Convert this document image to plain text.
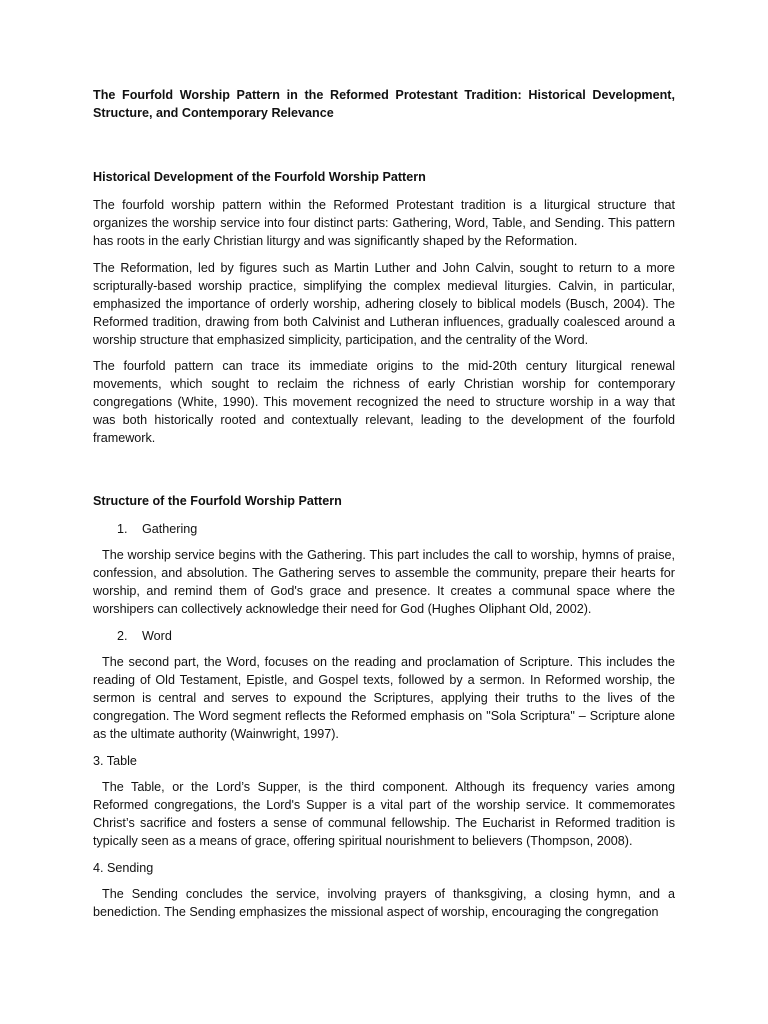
The Fourfold Worship Pattern in the Reformed Protestant Tradition: Historical Development, Structure, and Contemporary Relevance

Historical Development of the Fourfold Worship Pattern

The fourfold worship pattern within the Reformed Protestant tradition is a liturgical structure that organizes the worship service into four distinct parts: Gathering, Word, Table, and Sending. This pattern has roots in the early Christian liturgy and was significantly shaped by the Reformation.

The Reformation, led by figures such as Martin Luther and John Calvin, sought to return to a more scripturally-based worship practice, simplifying the complex medieval liturgies. Calvin, in particular, emphasized the importance of orderly worship, adhering closely to biblical models (Busch, 2004). The Reformed tradition, drawing from both Calvinist and Lutheran influences, gradually coalesced around a worship structure that emphasized simplicity, participation, and the centrality of the Word.

The fourfold pattern can trace its immediate origins to the mid-20th century liturgical renewal movements, which sought to reclaim the richness of early Christian worship for contemporary congregations (White, 1990). This movement recognized the need to structure worship in a way that was both historically rooted and contextually relevant, leading to the development of the fourfold framework.

Structure of the Fourfold Worship Pattern

1. Gathering

The worship service begins with the Gathering. This part includes the call to worship, hymns of praise, confession, and absolution. The Gathering serves to assemble the community, prepare their hearts for worship, and remind them of God's grace and presence. It creates a communal space where the worshipers can collectively acknowledge their need for God (Hughes Oliphant Old, 2002).

2. Word

The second part, the Word, focuses on the reading and proclamation of Scripture. This includes the reading of Old Testament, Epistle, and Gospel texts, followed by a sermon. In Reformed worship, the sermon is central and serves to expound the Scriptures, applying their truths to the lives of the congregation. The Word segment reflects the Reformed emphasis on "Sola Scriptura" – Scripture alone as the ultimate authority (Wainwright, 1997).

3. Table

The Table, or the Lord’s Supper, is the third component. Although its frequency varies among Reformed congregations, the Lord's Supper is a vital part of the worship service. It commemorates Christ’s sacrifice and fosters a sense of communal fellowship. The Eucharist in Reformed tradition is typically seen as a means of grace, offering spiritual nourishment to believers (Thompson, 2008).

4. Sending

The Sending concludes the service, involving prayers of thanksgiving, a closing hymn, and a benediction. The Sending emphasizes the missional aspect of worship, encouraging the congregation
